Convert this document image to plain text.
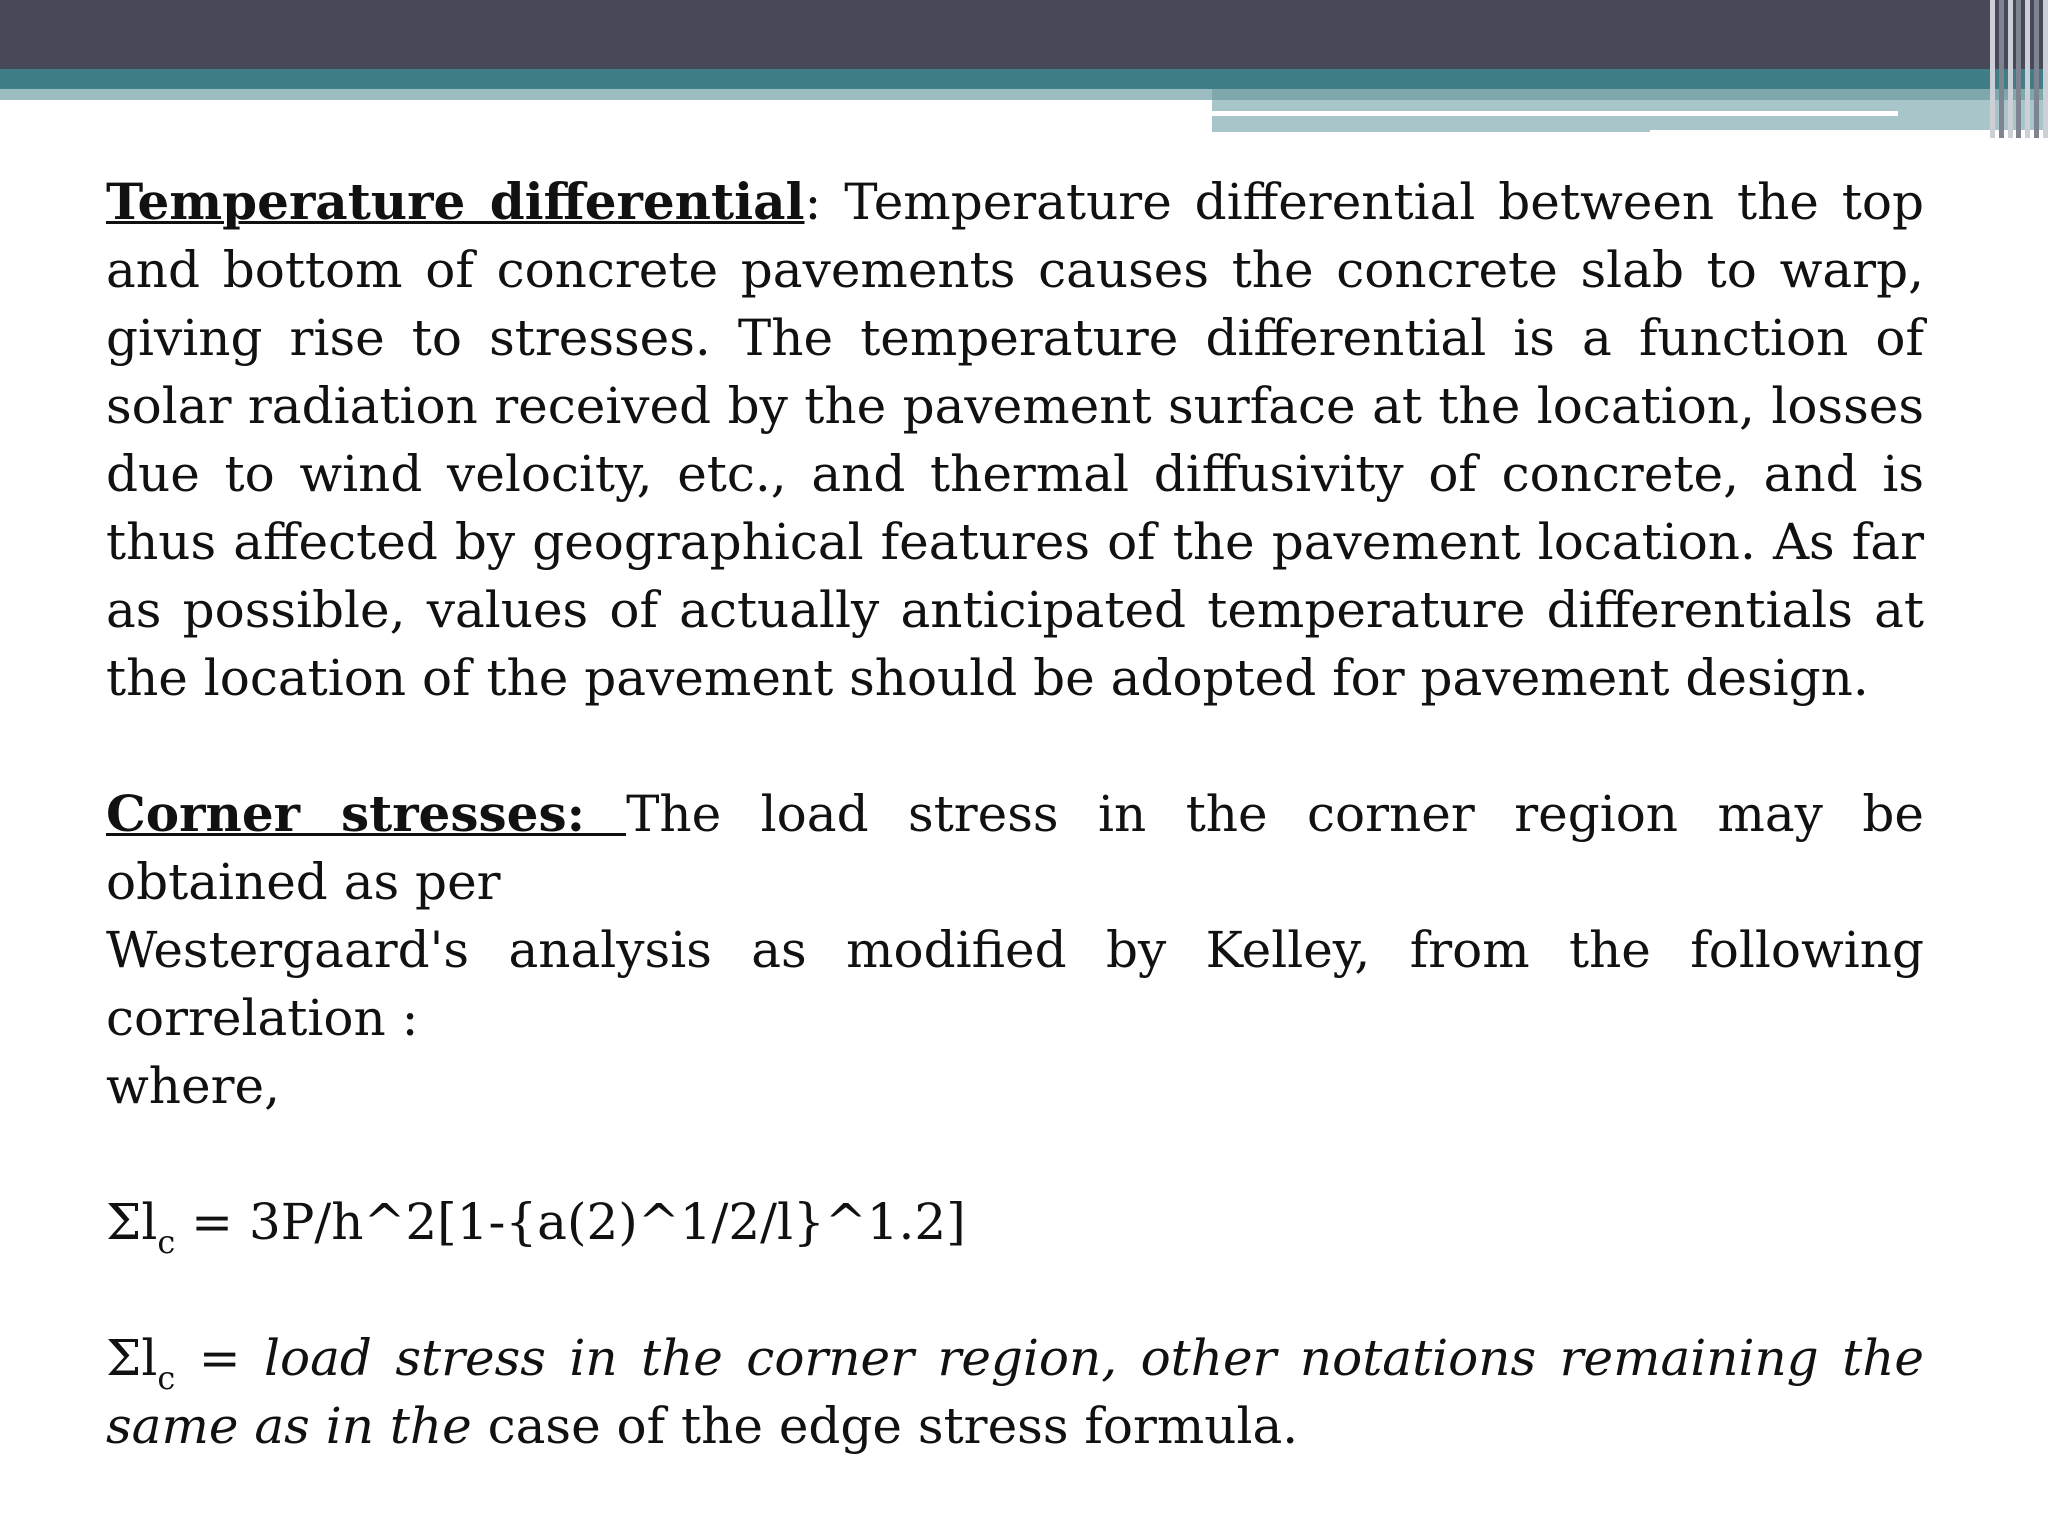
Temperature differential: Temperature differential between the top and bottom of concrete pavements causes the concrete slab to warp, giving rise to stresses. The temperature differential is a function of solar radiation received by the pavement surface at the location, losses due to wind velocity, etc., and thermal diffusivity of concrete, and is thus affected by geographical features of the pavement location. As far as possible, values of actually anticipated temperature differentials at the location of the pavement should be adopted for pavement design.

Corner stresses: The load stress in the corner region may be obtained as per

Westergaard's analysis as modified by Kelley, from the following correlation :

where,

$\Sigma l_c$ = 3P/h^2[1-{a(2)^1/2/l}^1.2]

$\Sigma l_c$ = load stress in the corner region, other notations remaining the same as in the case of the edge stress formula.
